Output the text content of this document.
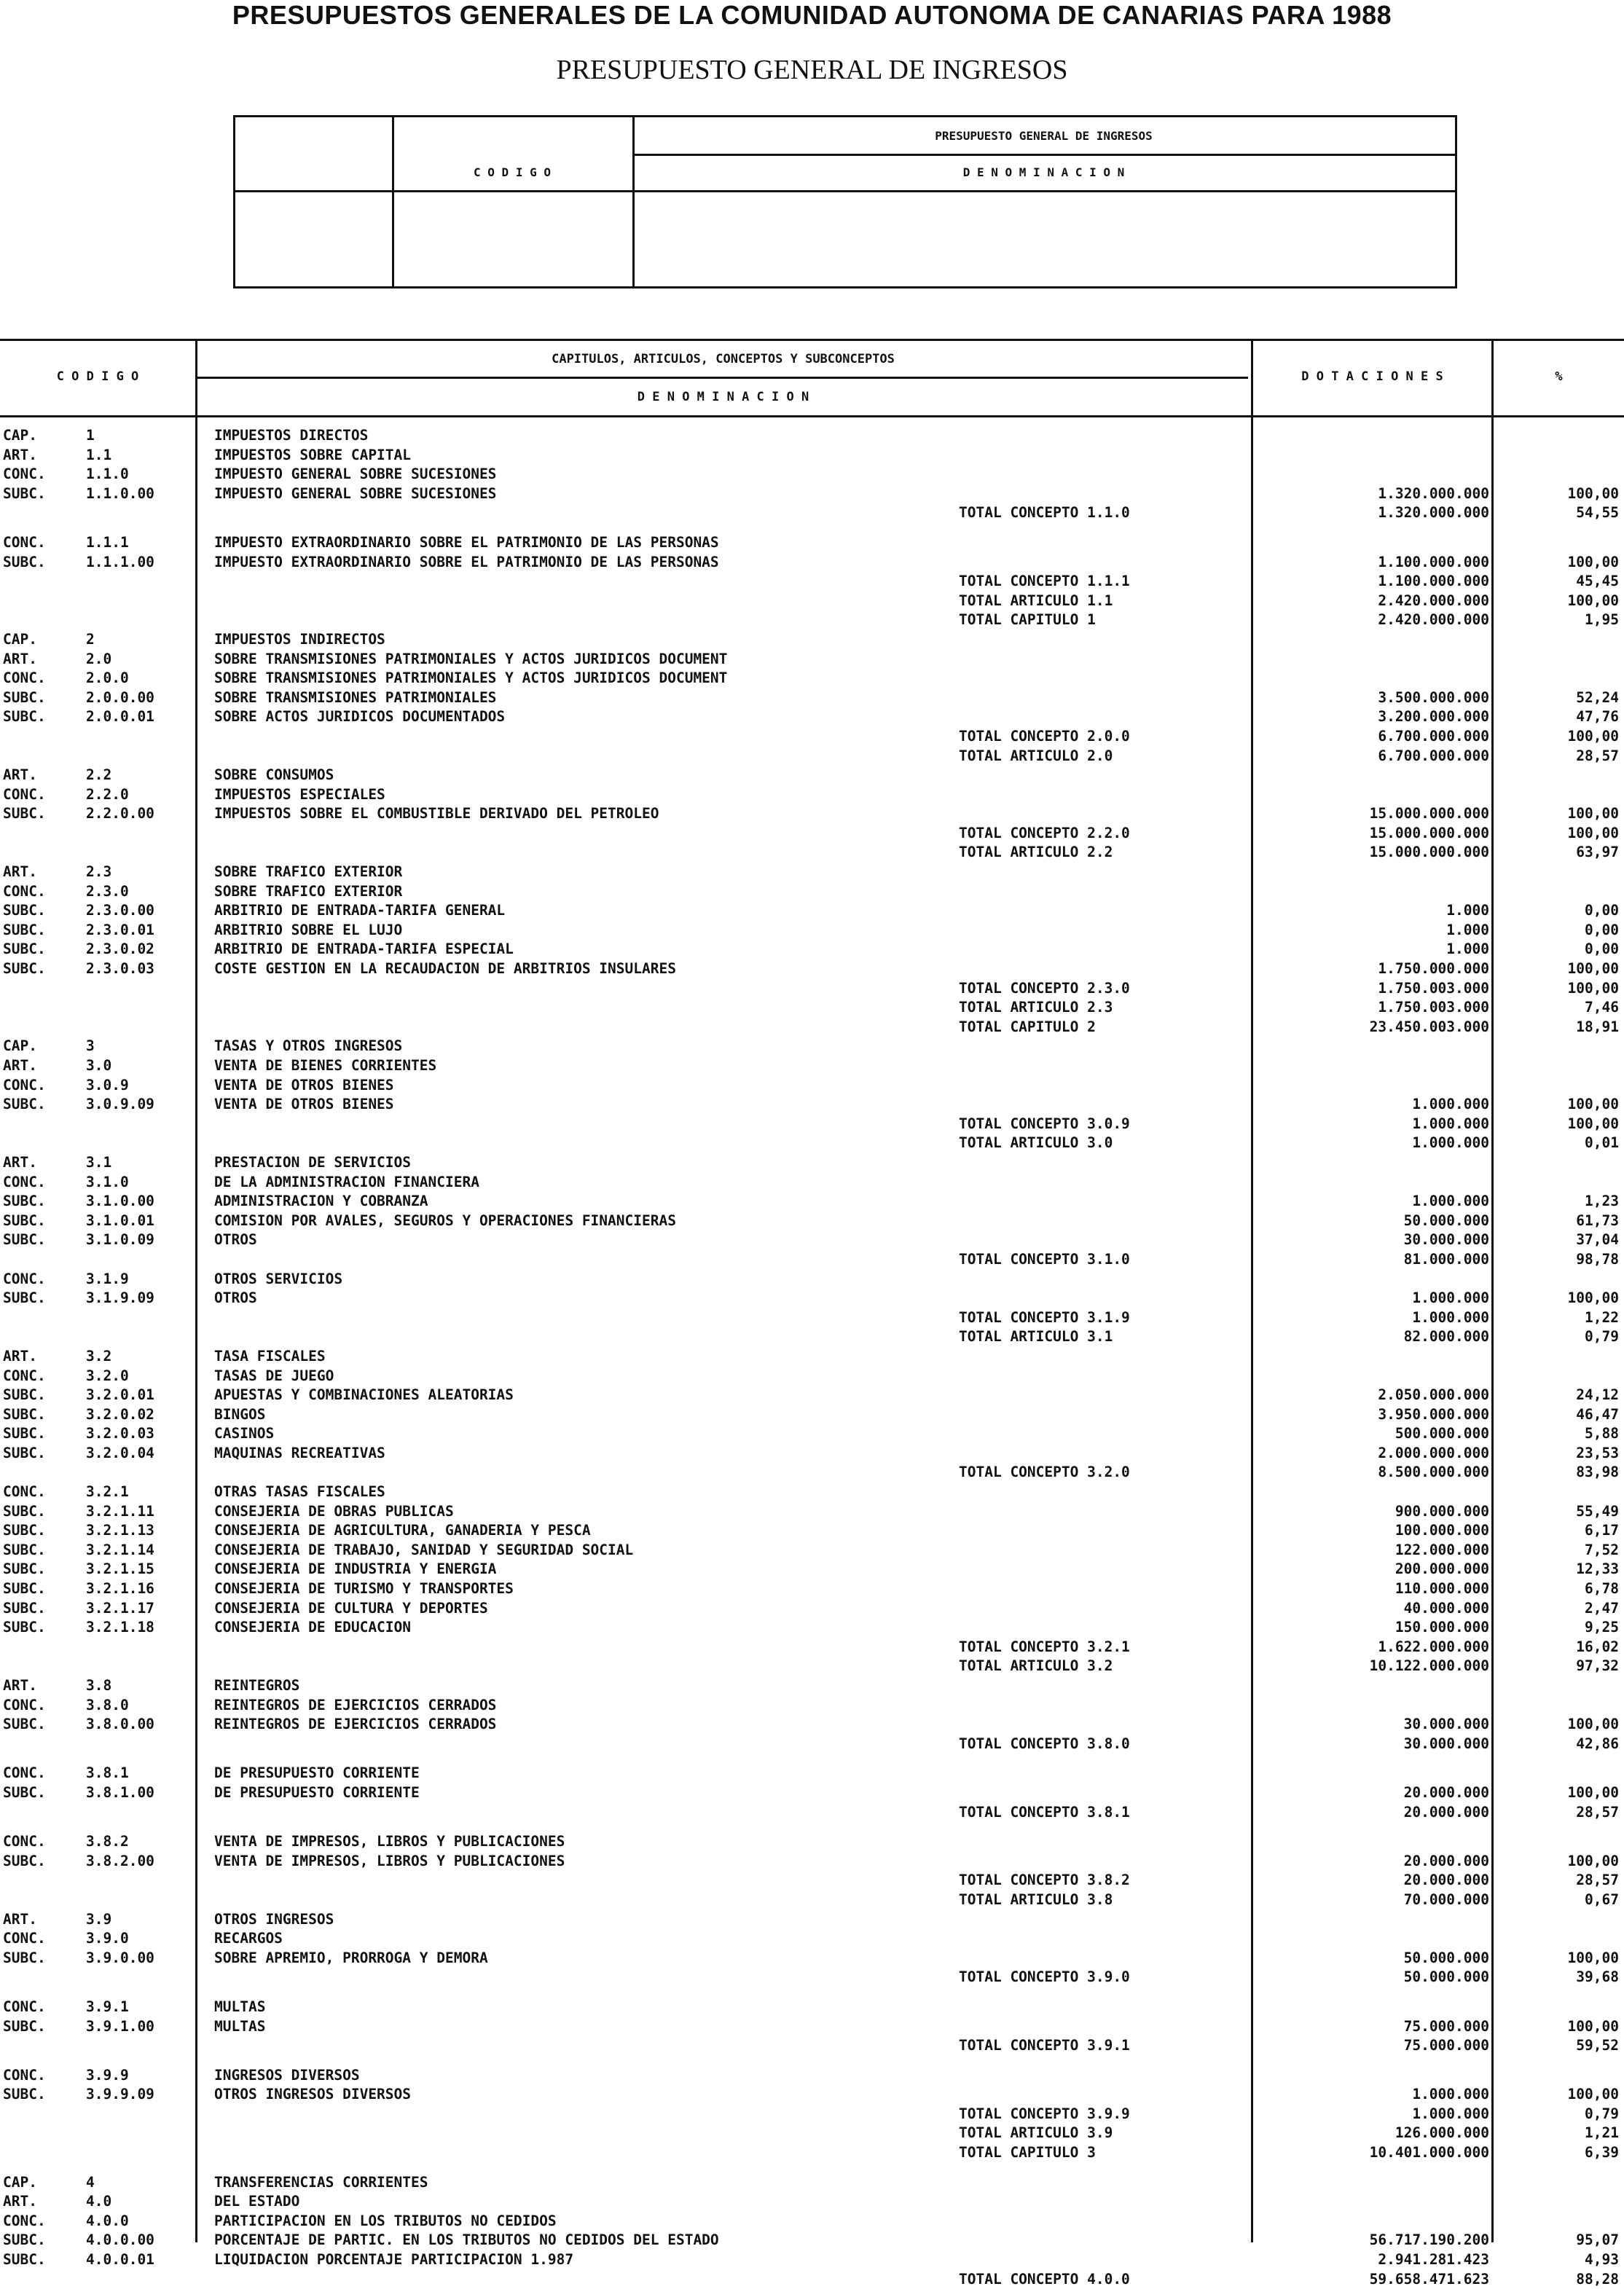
PRESUPUESTOS GENERALES DE LA COMUNIDAD AUTONOMA DE CANARIAS PARA 1988
PRESUPUESTO GENERAL DE INGRESOS
PRESUPUESTO GENERAL DE INGRESOS
C O D I G O	D E N O M I N A C I O N
C O D I G O
CAPITULOS, ARTICULOS, CONCEPTOS Y SUBCONCEPTOS
D E N O M I N A C I O N
D O T A C I O N E S	%
CAP.	1	IMPUESTOS DIRECTOS
ART.	1.1	IMPUESTOS SOBRE CAPITAL
CONC.	1.1.0	IMPUESTO GENERAL SOBRE SUCESIONES
SUBC.	1.1.0.00	IMPUESTO GENERAL SOBRE SUCESIONES	1.320.000.000	100,00
TOTAL CONCEPTO 1.1.0	1.320.000.000	54,55
CONC.	1.1.1	IMPUESTO EXTRAORDINARIO SOBRE EL PATRIMONIO DE LAS PERSONAS
SUBC.	1.1.1.00	IMPUESTO EXTRAORDINARIO SOBRE EL PATRIMONIO DE LAS PERSONAS	1.100.000.000	100,00
TOTAL CONCEPTO 1.1.1	1.100.000.000	45,45
TOTAL ARTICULO 1.1	2.420.000.000	100,00
TOTAL CAPITULO 1	2.420.000.000	1,95
CAP.	2	IMPUESTOS INDIRECTOS
ART.	2.0	SOBRE TRANSMISIONES PATRIMONIALES Y ACTOS JURIDICOS DOCUMENT
CONC.	2.0.0	SOBRE TRANSMISIONES PATRIMONIALES Y ACTOS JURIDICOS DOCUMENT
SUBC.	2.0.0.00	SOBRE TRANSMISIONES PATRIMONIALES	3.500.000.000	52,24
SUBC.	2.0.0.01	SOBRE ACTOS JURIDICOS DOCUMENTADOS	3.200.000.000	47,76
TOTAL CONCEPTO 2.0.0	6.700.000.000	100,00
TOTAL ARTICULO 2.0	6.700.000.000	28,57
ART.	2.2	SOBRE CONSUMOS
CONC.	2.2.0	IMPUESTOS ESPECIALES
SUBC.	2.2.0.00	IMPUESTOS SOBRE EL COMBUSTIBLE DERIVADO DEL PETROLEO	15.000.000.000	100,00
TOTAL CONCEPTO 2.2.0	15.000.000.000	100,00
TOTAL ARTICULO 2.2	15.000.000.000	63,97
ART.	2.3	SOBRE TRAFICO EXTERIOR
CONC.	2.3.0	SOBRE TRAFICO EXTERIOR
SUBC.	2.3.0.00	ARBITRIO DE ENTRADA-TARIFA GENERAL	1.000	0,00
SUBC.	2.3.0.01	ARBITRIO SOBRE EL LUJO	1.000	0,00
SUBC.	2.3.0.02	ARBITRIO DE ENTRADA-TARIFA ESPECIAL	1.000	0,00
SUBC.	2.3.0.03	COSTE GESTION EN LA RECAUDACION DE ARBITRIOS INSULARES	1.750.000.000	100,00
TOTAL CONCEPTO 2.3.0	1.750.003.000	100,00
TOTAL ARTICULO 2.3	1.750.003.000	7,46
TOTAL CAPITULO 2	23.450.003.000	18,91
CAP.	3	TASAS Y OTROS INGRESOS
ART.	3.0	VENTA DE BIENES CORRIENTES
CONC.	3.0.9	VENTA DE OTROS BIENES
SUBC.	3.0.9.09	VENTA DE OTROS BIENES	1.000.000	100,00
TOTAL CONCEPTO 3.0.9	1.000.000	100,00
TOTAL ARTICULO 3.0	1.000.000	0,01
ART.	3.1	PRESTACION DE SERVICIOS
CONC.	3.1.0	DE LA ADMINISTRACION FINANCIERA
SUBC.	3.1.0.00	ADMINISTRACION Y COBRANZA	1.000.000	1,23
SUBC.	3.1.0.01	COMISION POR AVALES, SEGUROS Y OPERACIONES FINANCIERAS	50.000.000	61,73
SUBC.	3.1.0.09	OTROS	30.000.000	37,04
TOTAL CONCEPTO 3.1.0	81.000.000	98,78
CONC.	3.1.9	OTROS SERVICIOS
SUBC.	3.1.9.09	OTROS	1.000.000	100,00
TOTAL CONCEPTO 3.1.9	1.000.000	1,22
TOTAL ARTICULO 3.1	82.000.000	0,79
ART.	3.2	TASA FISCALES
CONC.	3.2.0	TASAS DE JUEGO
SUBC.	3.2.0.01	APUESTAS Y COMBINACIONES ALEATORIAS	2.050.000.000	24,12
SUBC.	3.2.0.02	BINGOS	3.950.000.000	46,47
SUBC.	3.2.0.03	CASINOS	500.000.000	5,88
SUBC.	3.2.0.04	MAQUINAS RECREATIVAS	2.000.000.000	23,53
TOTAL CONCEPTO 3.2.0	8.500.000.000	83,98
CONC.	3.2.1	OTRAS TASAS FISCALES
SUBC.	3.2.1.11	CONSEJERIA DE OBRAS PUBLICAS	900.000.000	55,49
SUBC.	3.2.1.13	CONSEJERIA DE AGRICULTURA, GANADERIA Y PESCA	100.000.000	6,17
SUBC.	3.2.1.14	CONSEJERIA DE TRABAJO, SANIDAD Y SEGURIDAD SOCIAL	122.000.000	7,52
SUBC.	3.2.1.15	CONSEJERIA DE INDUSTRIA Y ENERGIA	200.000.000	12,33
SUBC.	3.2.1.16	CONSEJERIA DE TURISMO Y TRANSPORTES	110.000.000	6,78
SUBC.	3.2.1.17	CONSEJERIA DE CULTURA Y DEPORTES	40.000.000	2,47
SUBC.	3.2.1.18	CONSEJERIA DE EDUCACION	150.000.000	9,25
TOTAL CONCEPTO 3.2.1	1.622.000.000	16,02
TOTAL ARTICULO 3.2	10.122.000.000	97,32
ART.	3.8	REINTEGROS
CONC.	3.8.0	REINTEGROS DE EJERCICIOS CERRADOS
SUBC.	3.8.0.00	REINTEGROS DE EJERCICIOS CERRADOS	30.000.000	100,00
TOTAL CONCEPTO 3.8.0	30.000.000	42,86
CONC.	3.8.1	DE PRESUPUESTO CORRIENTE
SUBC.	3.8.1.00	DE PRESUPUESTO CORRIENTE	20.000.000	100,00
TOTAL CONCEPTO 3.8.1	20.000.000	28,57
CONC.	3.8.2	VENTA DE IMPRESOS, LIBROS Y PUBLICACIONES
SUBC.	3.8.2.00	VENTA DE IMPRESOS, LIBROS Y PUBLICACIONES	20.000.000	100,00
TOTAL CONCEPTO 3.8.2	20.000.000	28,57
TOTAL ARTICULO 3.8	70.000.000	0,67
ART.	3.9	OTROS INGRESOS
CONC.	3.9.0	RECARGOS
SUBC.	3.9.0.00	SOBRE APREMIO, PRORROGA Y DEMORA	50.000.000	100,00
TOTAL CONCEPTO 3.9.0	50.000.000	39,68
CONC.	3.9.1	MULTAS
SUBC.	3.9.1.00	MULTAS	75.000.000	100,00
TOTAL CONCEPTO 3.9.1	75.000.000	59,52
CONC.	3.9.9	INGRESOS DIVERSOS
SUBC.	3.9.9.09	OTROS INGRESOS DIVERSOS	1.000.000	100,00
TOTAL CONCEPTO 3.9.9	1.000.000	0,79
TOTAL ARTICULO 3.9	126.000.000	1,21
TOTAL CAPITULO 3	10.401.000.000	6,39
CAP.	4	TRANSFERENCIAS CORRIENTES
ART.	4.0	DEL ESTADO
CONC.	4.0.0	PARTICIPACION EN LOS TRIBUTOS NO CEDIDOS
SUBC.	4.0.0.00	PORCENTAJE DE PARTIC. EN LOS TRIBUTOS NO CEDIDOS DEL ESTADO	56.717.190.200	95,07
SUBC.	4.0.0.01	LIQUIDACION PORCENTAJE PARTICIPACION 1.987	2.941.281.423	4,93
TOTAL CONCEPTO 4.0.0	59.658.471.623	88,28
